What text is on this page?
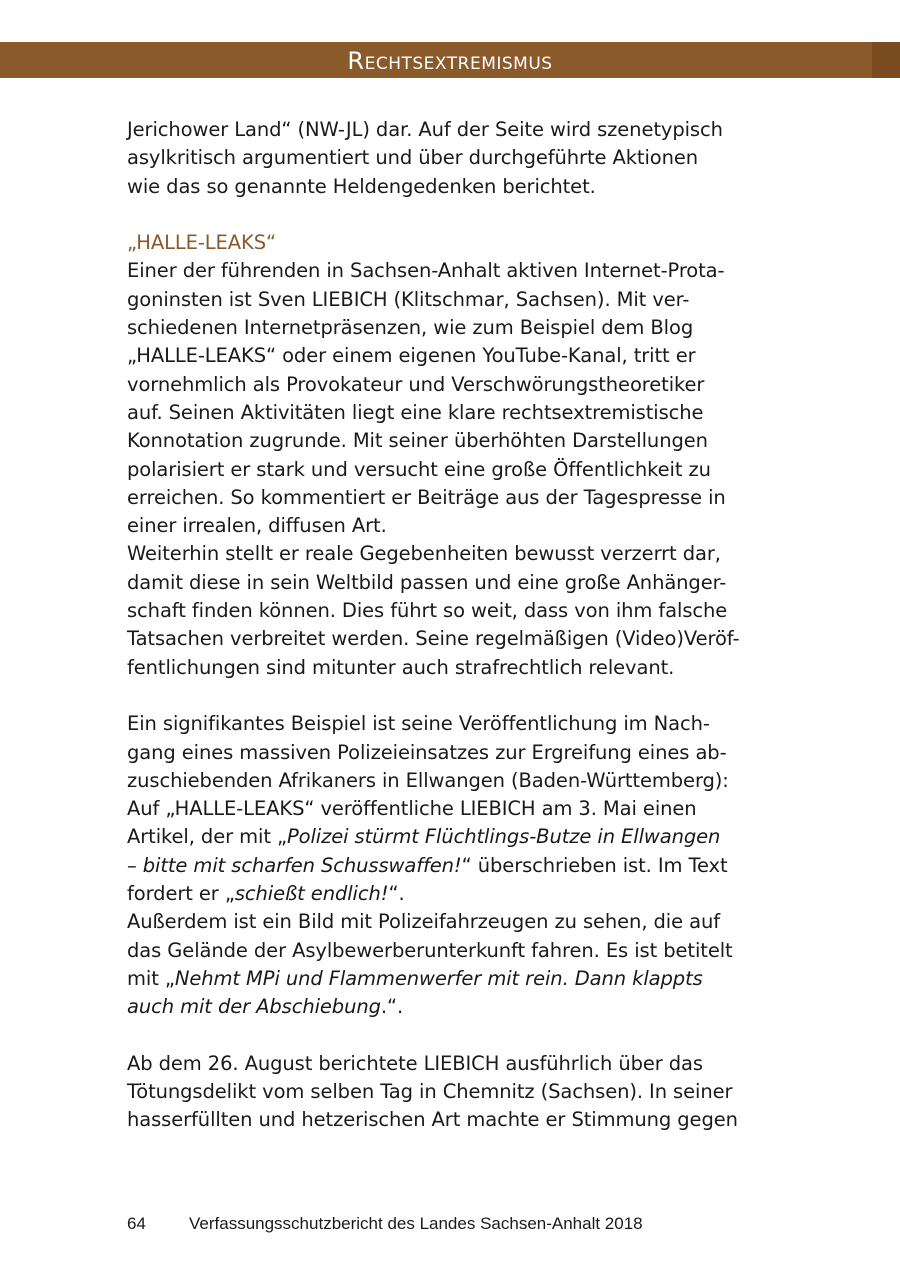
Rechtsextremismus

Jerichower Land“ (NW-JL) dar. Auf der Seite wird szenetypisch
asylkritisch argumentiert und über durchgeführte Aktionen
wie das so genannte Heldengedenken berichtet.

„HALLE-LEAKS“

Einer der führenden in Sachsen-Anhalt aktiven Internet-Prota-
goninsten ist Sven LIEBICH (Klitschmar, Sachsen). Mit ver-
schiedenen Internetpräsenzen, wie zum Beispiel dem Blog
„HALLE-LEAKS“ oder einem eigenen YouTube-Kanal, tritt er
vornehmlich als Provokateur und Verschwörungstheoretiker
auf. Seinen Aktivitäten liegt eine klare rechtsextremistische
Konnotation zugrunde. Mit seiner überhöhten Darstellungen
polarisiert er stark und versucht eine große Öffentlichkeit zu
erreichen. So kommentiert er Beiträge aus der Tagespresse in
einer irrealen, diffusen Art.

Weiterhin stellt er reale Gegebenheiten bewusst verzerrt dar,
damit diese in sein Weltbild passen und eine große Anhänger-
schaft finden können. Dies führt so weit, dass von ihm falsche
Tatsachen verbreitet werden. Seine regelmäßigen (Video)Veröf-
fentlichungen sind mitunter auch strafrechtlich relevant.

Ein signifikantes Beispiel ist seine Veröffentlichung im Nach-
gang eines massiven Polizeieinsatzes zur Ergreifung eines ab-
zuschiebenden Afrikaners in Ellwangen (Baden-Württemberg):
Auf „HALLE-LEAKS“ veröffentliche LIEBICH am 3. Mai einen
Artikel, der mit „Polizei stürmt Flüchtlings-Butze in Ellwangen
– bitte mit scharfen Schusswaffen!“ überschrieben ist. Im Text
fordert er „schießt endlich!“.

Außerdem ist ein Bild mit Polizeifahrzeugen zu sehen, die auf
das Gelände der Asylbewerberunterkunft fahren. Es ist betitelt
mit „Nehmt MPi und Flammenwerfer mit rein. Dann klappts
auch mit der Abschiebung.“.

Ab dem 26. August berichtete LIEBICH ausführlich über das
Tötungsdelikt vom selben Tag in Chemnitz (Sachsen). In seiner
hasserfüllten und hetzerischen Art machte er Stimmung gegen

64	Verfassungsschutzbericht des Landes Sachsen-Anhalt 2018
